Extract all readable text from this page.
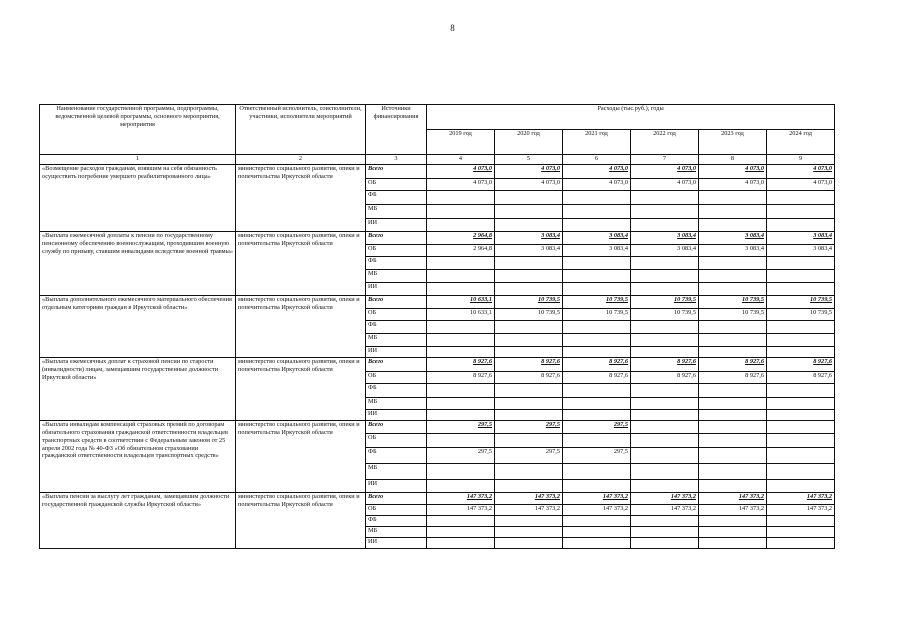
8
Наименование государственной программы, подпрограммы, ведомственной целевой программы, основного мероприятия, мероприятия	Ответственный исполнитель, соисполнители, участники, исполнители мероприятий	Источники финансирования	Расходы (тыс.руб.), годы					
			2019 год	2020 год	2021 год	2022 год	2023 год	2024 год
1	2	3	4	5	6	7	8	9
«Возмещение расходов гражданам, взявшим на себя обязанность осуществить погребение умершего реабилитированного лица»	министерство социального развития, опеки и попечительства Иркутской области	Всего	4 073,0	4 073,0	4 073,0	4 073,0	4 073,0	4 073,0
		ОБ	4 073,0	4 073,0	4 073,0	4 073,0	4 073,0	4 073,0
		ФБ						
		МБ						
		ИИ						
«Выплата ежемесячной доплаты к пенсии по государственному пенсионному обеспечению военнослужащим, проходившим военную службу по призыву, ставшим инвалидами вследствие военной травмы»	министерство социального развития, опеки и попечительства Иркутской области	Всего	2 964,8	3 083,4	3 083,4	3 083,4	3 083,4	3 083,4
		ОБ	2 964,8	3 083,4	3 083,4	3 083,4	3 083,4	3 083,4
		ФБ						
		МБ						
		ИИ						
«Выплата дополнительного ежемесячного материального обеспечения отдельным категориям граждан в Иркутской области»	министерство социального развития, опеки и попечительства Иркутской области	Всего	10 633,1	10 739,5	10 739,5	10 739,5	10 739,5	10 739,5
		ОБ	10 633,1	10 739,5	10 739,5	10 739,5	10 739,5	10 739,5
		ФБ						
		МБ						
		ИИ						
«Выплата ежемесячных доплат к страховой пенсии по старости (инвалидности) лицам, замещавшим государственные должности Иркутской области»	министерство социального развития, опеки и попечительства Иркутской области	Всего	8 927,6	8 927,6	8 927,6	8 927,6	8 927,6	8 927,6
		ОБ	8 927,6	8 927,6	8 927,6	8 927,6	8 927,6	8 927,6
		ФБ						
		МБ						
		ИИ						
«Выплата инвалидам компенсаций страховых премий по договорам обязательного страхования гражданской ответственности владельцев транспортных средств в соответствии с Федеральным законом от 25 апреля 2002 года № 40-ФЗ «Об обязательном страховании гражданской ответственности владельцев транспортных средств»	министерство социального развития, опеки и попечительства Иркутской области	Всего	297,5	297,5	297,5			
		ОБ						
		ФБ	297,5	297,5	297,5			
		МБ						
		ИИ						
«Выплата пенсии за выслугу лет гражданам, замещавшим должности государственной гражданской службы Иркутской области»	министерство социального развития, опеки и попечительства Иркутской области	Всего	147 373,2	147 373,2	147 373,2	147 373,2	147 373,2	147 373,2
		ОБ	147 373,2	147 373,2	147 373,2	147 373,2	147 373,2	147 373,2
		ФБ						
		МБ						
		ИИ						
